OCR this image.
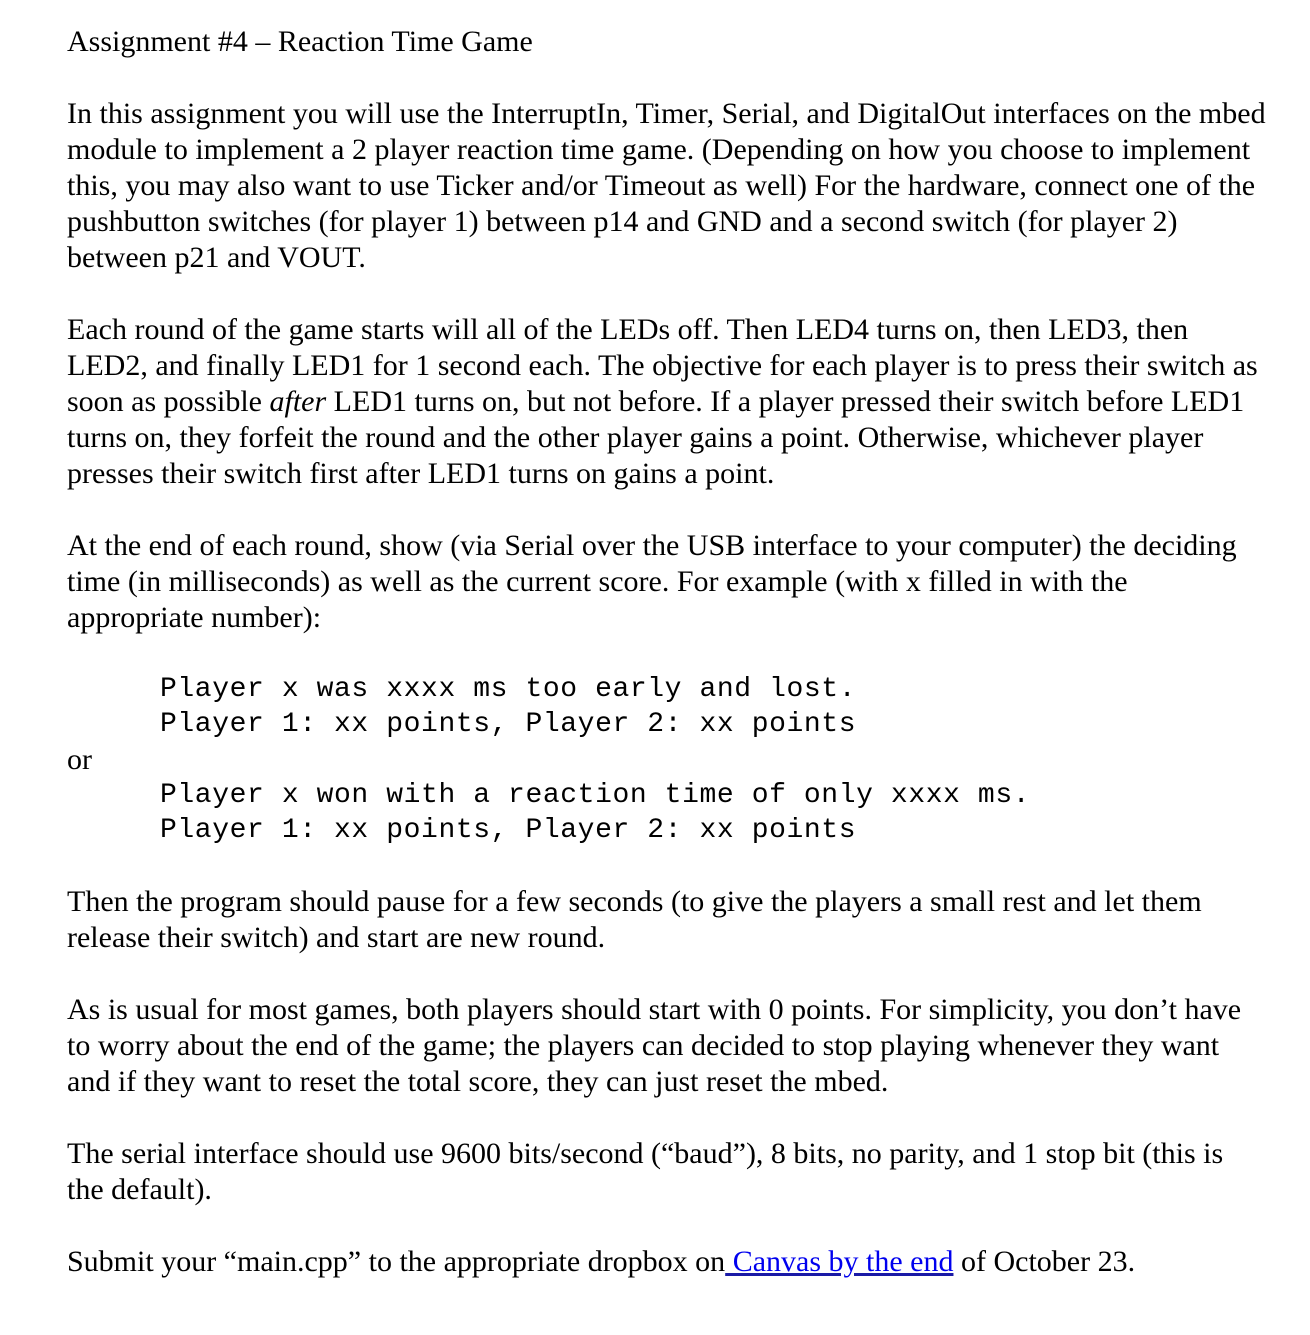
Assignment #4 – Reaction Time Game

In this assignment you will use the InterruptIn, Timer, Serial, and DigitalOut interfaces on the mbed module to implement a 2 player reaction time game. (Depending on how you choose to implement this, you may also want to use Ticker and/or Timeout as well) For the hardware, connect one of the pushbutton switches (for player 1) between p14 and GND and a second switch (for player 2) between p21 and VOUT.

Each round of the game starts will all of the LEDs off. Then LED4 turns on, then LED3, then LED2, and finally LED1 for 1 second each. The objective for each player is to press their switch as soon as possible after LED1 turns on, but not before. If a player pressed their switch before LED1 turns on, they forfeit the round and the other player gains a point. Otherwise, whichever player presses their switch first after LED1 turns on gains a point.

At the end of each round, show (via Serial over the USB interface to your computer) the deciding time (in milliseconds) as well as the current score. For example (with x filled in with the appropriate number):

Player x was xxxx ms too early and lost.
Player 1: xx points, Player 2: xx points

or

Player x won with a reaction time of only xxxx ms.
Player 1: xx points, Player 2: xx points

Then the program should pause for a few seconds (to give the players a small rest and let them release their switch) and start are new round.

As is usual for most games, both players should start with 0 points. For simplicity, you don’t have to worry about the end of the game; the players can decided to stop playing whenever they want and if they want to reset the total score, they can just reset the mbed.

The serial interface should use 9600 bits/second (“baud”), 8 bits, no parity, and 1 stop bit (this is the default).

Submit your “main.cpp” to the appropriate dropbox on Canvas by the end of October 23.
